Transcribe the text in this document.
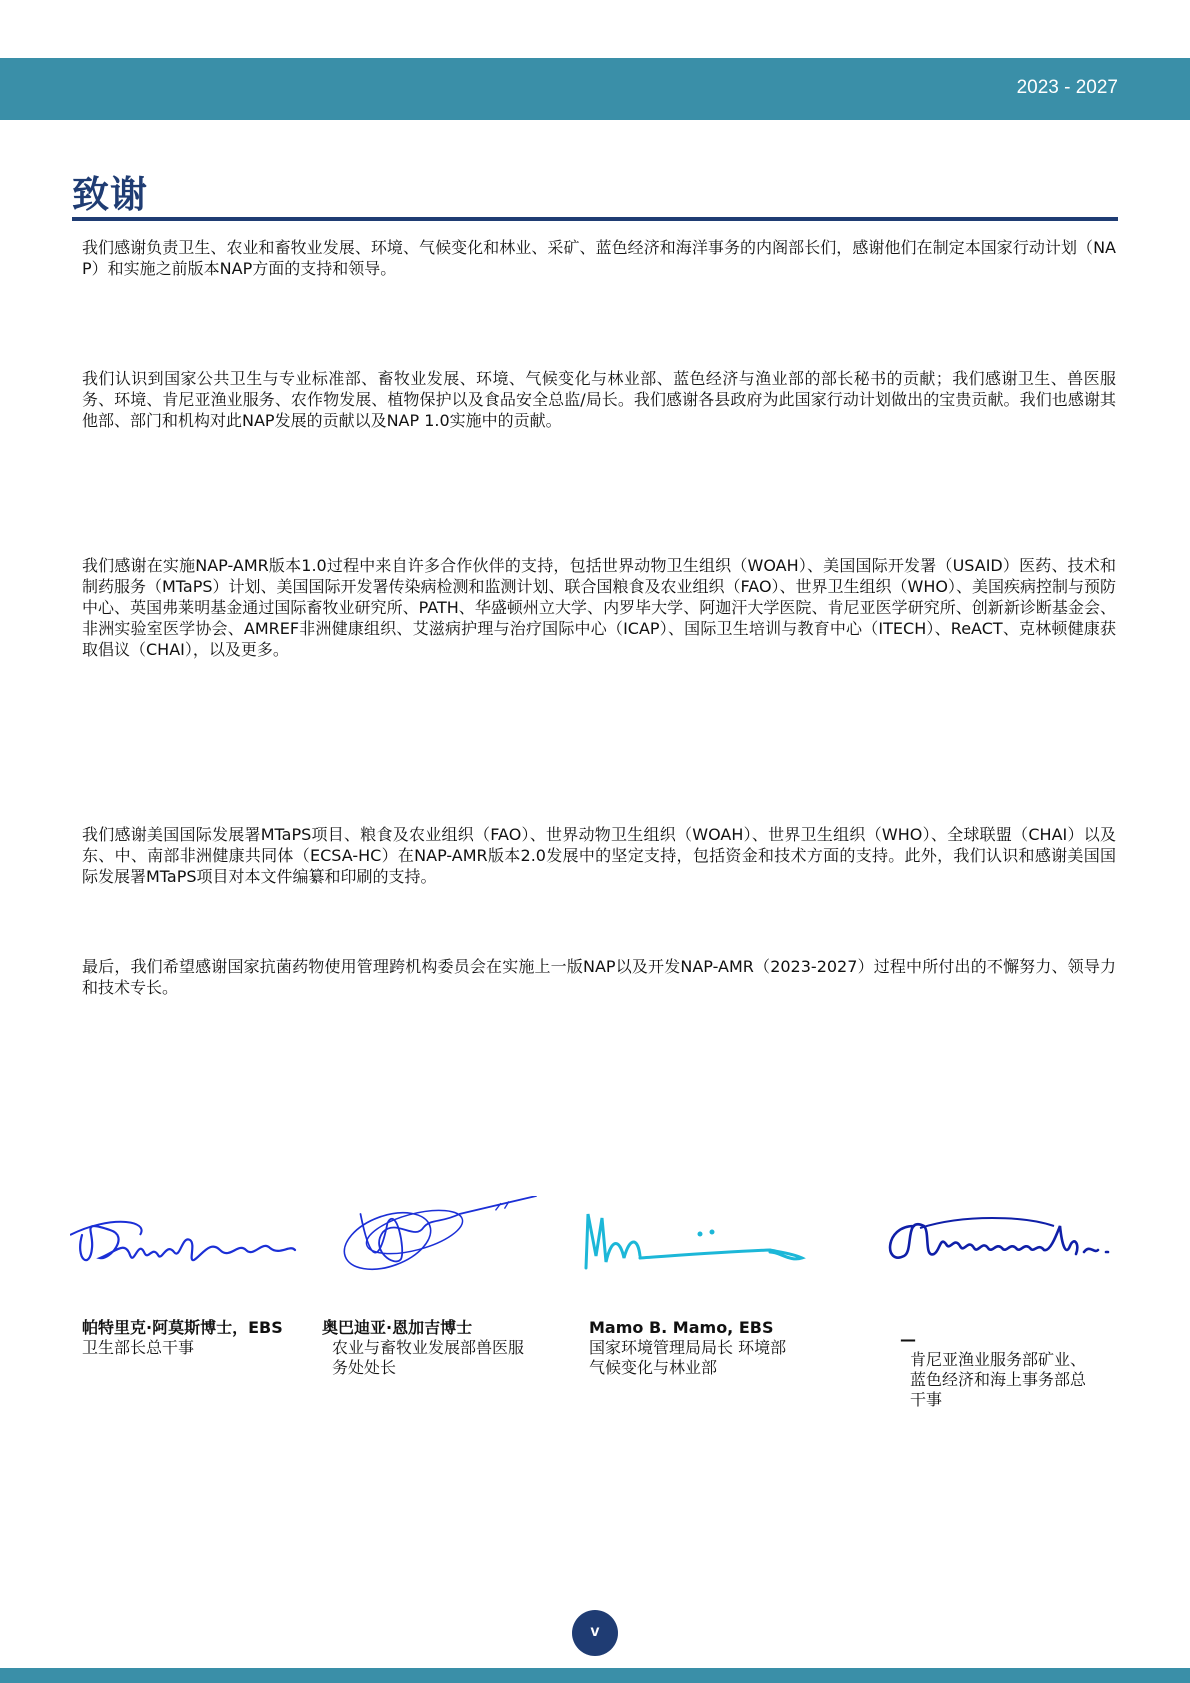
2023 - 2027
致谢

我们感谢负责卫生、农业和畜牧业发展、环境、气候变化和林业、采矿、蓝色经济和海洋事务的内阁部长们，感谢他们在制定本国家行动计划（NAP）和实施之前版本NAP方面的支持和领导。

我们认识到国家公共卫生与专业标准部、畜牧业发展、环境、气候变化与林业部、蓝色经济与渔业部的部长秘书的贡献；我们感谢卫生、兽医服务、环境、肯尼亚渔业服务、农作物发展、植物保护以及食品安全总监/局长。我们感谢各县政府为此国家行动计划做出的宝贵贡献。我们也感谢其他部、部门和机构对此NAP发展的贡献以及NAP 1.0实施中的贡献。

我们感谢在实施NAP-AMR版本1.0过程中来自许多合作伙伴的支持，包括世界动物卫生组织（WOAH）、美国国际开发署（USAID）医药、技术和制药服务（MTaPS）计划、美国国际开发署传染病检测和监测计划、联合国粮食及农业组织（FAO）、世界卫生组织（WHO）、美国疾病控制与预防中心、英国弗莱明基金通过国际畜牧业研究所、PATH、华盛顿州立大学、内罗毕大学、阿迦汗大学医院、肯尼亚医学研究所、创新新诊断基金会、非洲实验室医学协会、AMREF非洲健康组织、艾滋病护理与治疗国际中心（ICAP）、国际卫生培训与教育中心（ITECH）、ReACT、克林顿健康获取倡议（CHAI），以及更多。

我们感谢美国国际发展署MTaPS项目、粮食及农业组织（FAO）、世界动物卫生组织（WOAH）、世界卫生组织（WHO）、全球联盟（CHAI）以及东、中、南部非洲健康共同体（ECSA-HC）在NAP-AMR版本2.0发展中的坚定支持，包括资金和技术方面的支持。此外，我们认识和感谢美国国际发展署MTaPS项目对本文件编纂和印刷的支持。

最后，我们希望感谢国家抗菌药物使用管理跨机构委员会在实施上一版NAP以及开发NAP-AMR（2023-2027）过程中所付出的不懈努力、领导力和技术专长。

帕特里克·阿莫斯博士，EBS
卫生部长总干事
奥巴迪亚·恩加吉博士
农业与畜牧业发展部兽医服务处处长
Mamo B. Mamo, EBS
国家环境管理局局长 环境部气候变化与林业部
—
肯尼亚渔业服务部矿业、蓝色经济和海上事务部总干事
v
